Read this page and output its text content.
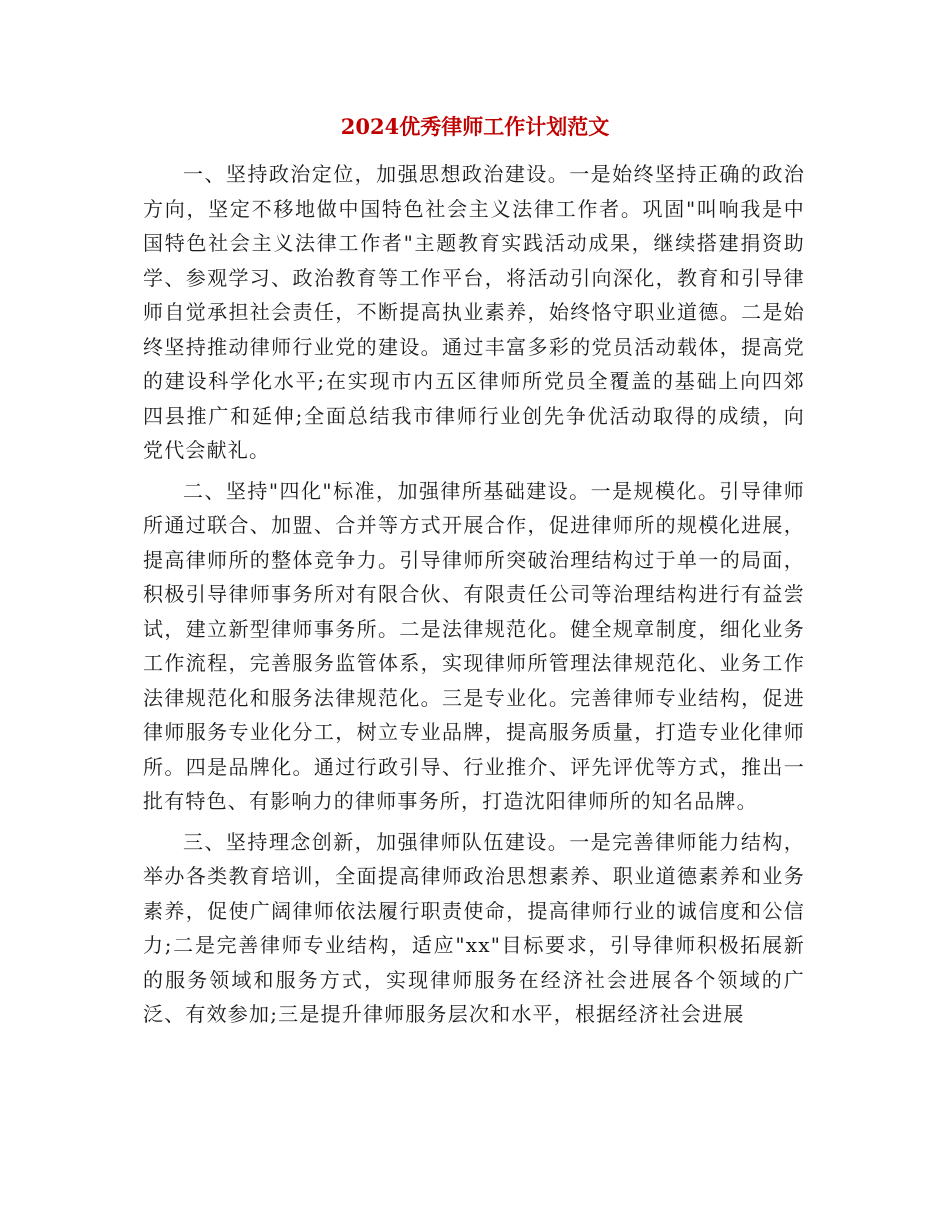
2024优秀律师工作计划范文

一、坚持政治定位，加强思想政治建设。一是始终坚持正确的政治方向，坚定不移地做中国特色社会主义法律工作者。巩固"叫响我是中国特色社会主义法律工作者"主题教育实践活动成果，继续搭建捐资助学、参观学习、政治教育等工作平台，将活动引向深化，教育和引导律师自觉承担社会责任，不断提高执业素养，始终恪守职业道德。二是始终坚持推动律师行业党的建设。通过丰富多彩的党员活动载体，提高党的建设科学化水平;在实现市内五区律师所党员全覆盖的基础上向四郊四县推广和延伸;全面总结我市律师行业创先争优活动取得的成绩，向党代会献礼。

二、坚持"四化"标准，加强律所基础建设。一是规模化。引导律师所通过联合、加盟、合并等方式开展合作，促进律师所的规模化进展，提高律师所的整体竞争力。引导律师所突破治理结构过于单一的局面，积极引导律师事务所对有限合伙、有限责任公司等治理结构进行有益尝试，建立新型律师事务所。二是法律规范化。健全规章制度，细化业务工作流程，完善服务监管体系，实现律师所管理法律规范化、业务工作法律规范化和服务法律规范化。三是专业化。完善律师专业结构，促进律师服务专业化分工，树立专业品牌，提高服务质量，打造专业化律师所。四是品牌化。通过行政引导、行业推介、评先评优等方式，推出一批有特色、有影响力的律师事务所，打造沈阳律师所的知名品牌。

三、坚持理念创新，加强律师队伍建设。一是完善律师能力结构，举办各类教育培训，全面提高律师政治思想素养、职业道德素养和业务素养，促使广阔律师依法履行职责使命，提高律师行业的诚信度和公信力;二是完善律师专业结构，适应"xx"目标要求，引导律师积极拓展新的服务领域和服务方式，实现律师服务在经济社会进展各个领域的广泛、有效参加;三是提升律师服务层次和水平，根据经济社会进展
